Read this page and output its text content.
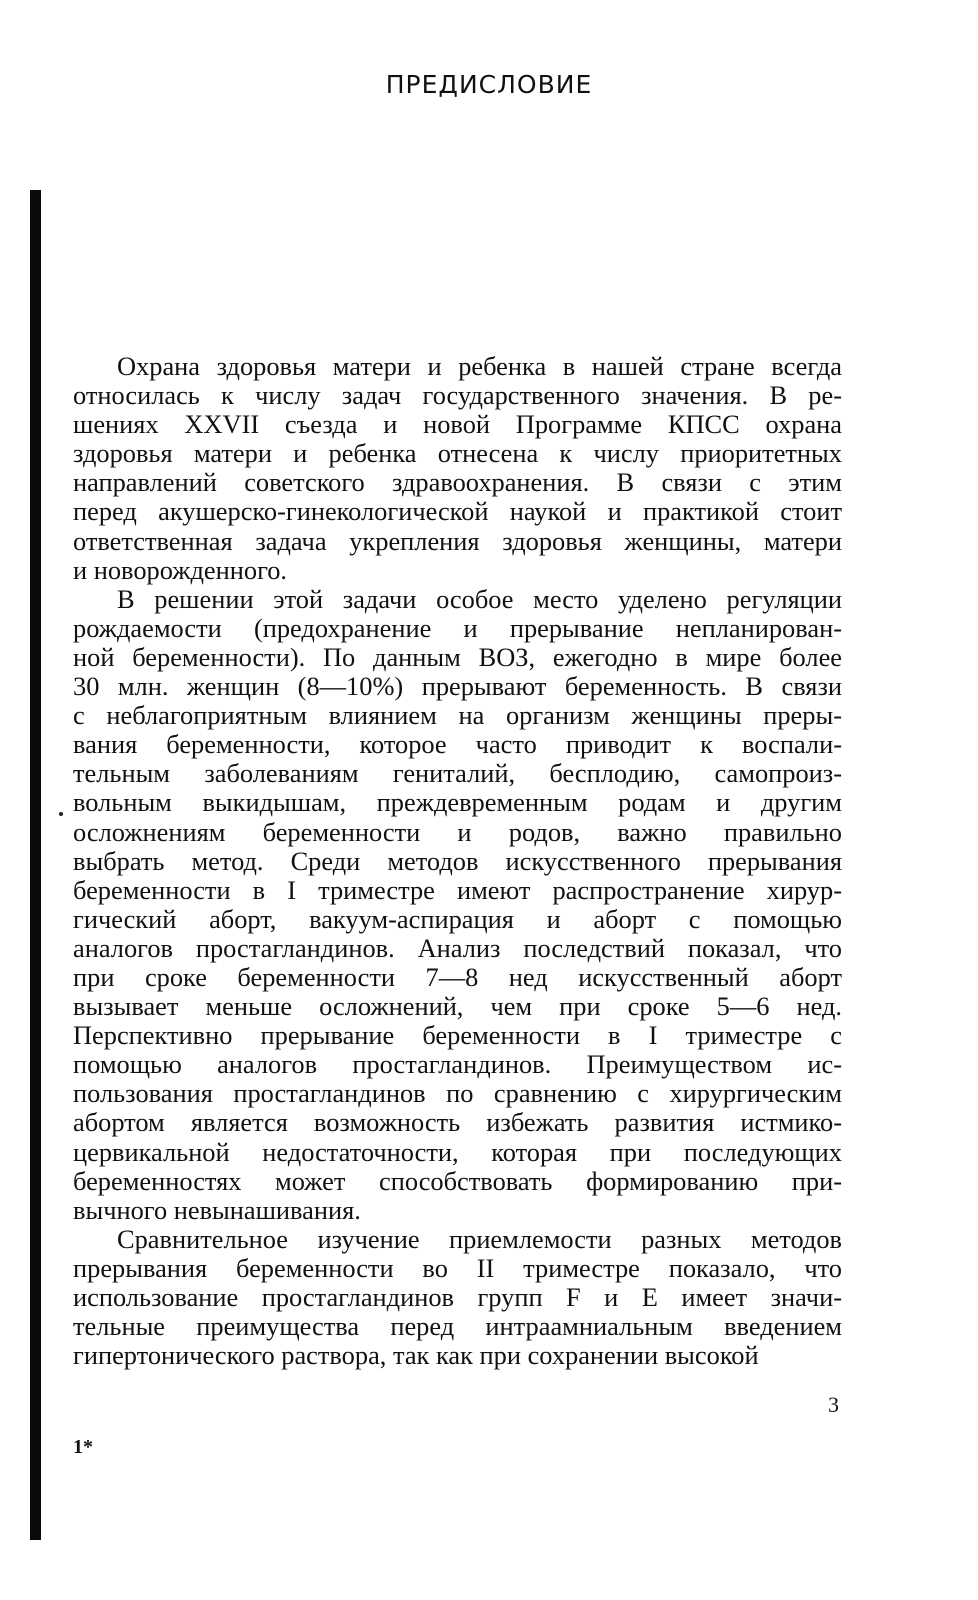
ПРЕДИСЛОВИЕ
Охрана здоровья матери и ребенка в нашей стране всегда
относилась к числу задач государственного значения. В ре-
шениях XXVII съезда и новой Программе КПСС охрана
здоровья матери и ребенка отнесена к числу приоритетных
направлений советского здравоохранения. В связи с этим
перед акушерско-гинекологической наукой и практикой стоит
ответственная задача укрепления здоровья женщины, матери
и новорожденного.
В решении этой задачи особое место уделено регуляции
рождаемости (предохранение и прерывание непланирован-
ной беременности). По данным ВОЗ, ежегодно в мире более
30 млн. женщин (8—10%) прерывают беременность. В связи
с неблагоприятным влиянием на организм женщины преры-
вания беременности, которое часто приводит к воспали-
тельным заболеваниям гениталий, бесплодию, самопроиз-
вольным выкидышам, преждевременным родам и другим
осложнениям беременности и родов, важно правильно
выбрать метод. Среди методов искусственного прерывания
беременности в I триместре имеют распространение хирур-
гический аборт, вакуум-аспирация и аборт с помощью
аналогов простагландинов. Анализ последствий показал, что
при сроке беременности 7—8 нед искусственный аборт
вызывает меньше осложнений, чем при сроке 5—6 нед.
Перспективно прерывание беременности в I триместре с
помощью аналогов простагландинов. Преимуществом ис-
пользования простагландинов по сравнению с хирургическим
абортом является возможность избежать развития истмико-
цервикальной недостаточности, которая при последующих
беременностях может способствовать формированию при-
вычного невынашивания.
Сравнительное изучение приемлемости разных методов
прерывания беременности во II триместре показало, что
использование простагландинов групп F и E имеет значи-
тельные преимущества перед интраамниальным введением
гипертонического раствора, так как при сохранении высокой
3
1*
